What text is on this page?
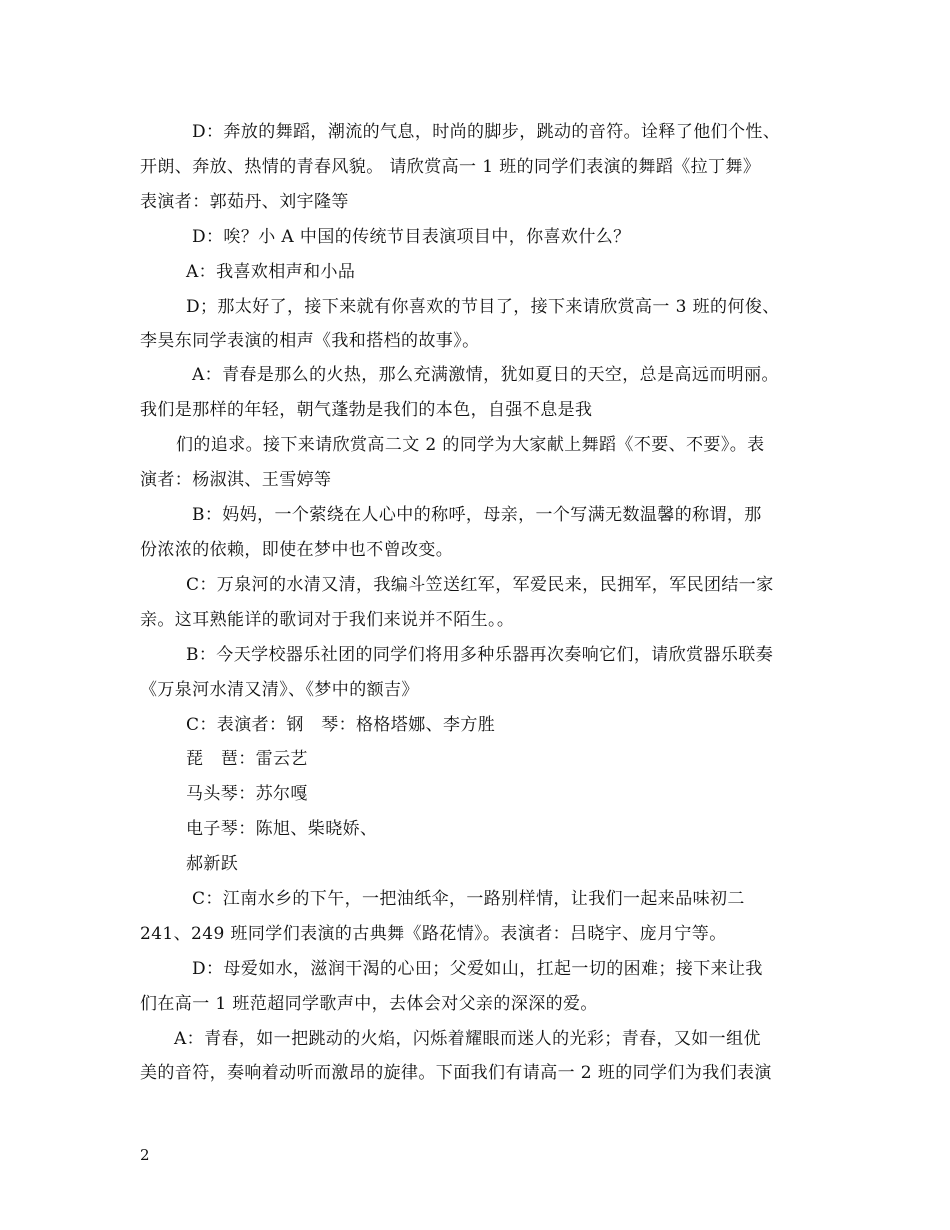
D：奔放的舞蹈，潮流的气息，时尚的脚步，跳动的音符。诠释了他们个性、
开朗、奔放、热情的青春风貌。 请欣赏高一 1 班的同学们表演的舞蹈《拉丁舞》
表演者：郭茹丹、刘宇隆等
D：唉？小 A 中国的传统节目表演项目中，你喜欢什么？
A：我喜欢相声和小品
D；那太好了，接下来就有你喜欢的节目了，接下来请欣赏高一 3 班的何俊、
李昊东同学表演的相声《我和搭档的故事》。
A：青春是那么的火热，那么充满激情，犹如夏日的天空，总是高远而明丽。
我们是那样的年轻，朝气蓬勃是我们的本色，自强不息是我
们的追求。接下来请欣赏高二文 2 的同学为大家献上舞蹈《不要、不要》。表
演者：杨淑淇、王雪婷等
B：妈妈，一个萦绕在人心中的称呼，母亲，一个写满无数温馨的称谓，那
份浓浓的依赖，即使在梦中也不曾改变。
C：万泉河的水清又清，我编斗笠送红军，军爱民来，民拥军，军民团结一家
亲。这耳熟能详的歌词对于我们来说并不陌生。。
B：今天学校器乐社团的同学们将用多种乐器再次奏响它们，请欣赏器乐联奏
《万泉河水清又清》、《梦中的额吉》
C：表演者：钢　琴：格格塔娜、李方胜
琵　琶：雷云艺
马头琴：苏尔嘎
电子琴：陈旭、柴晓娇、
郝新跃
C：江南水乡的下午，一把油纸伞，一路别样情，让我们一起来品味初二
241、249 班同学们表演的古典舞《路花情》。表演者：吕晓宇、庞月宁等。
D：母爱如水，滋润干渴的心田；父爱如山，扛起一切的困难；接下来让我
们在高一 1 班范超同学歌声中，去体会对父亲的深深的爱。
A：青春，如一把跳动的火焰，闪烁着耀眼而迷人的光彩；青春，又如一组优
美的音符，奏响着动听而激昂的旋律。下面我们有请高一 2 班的同学们为我们表演
2
